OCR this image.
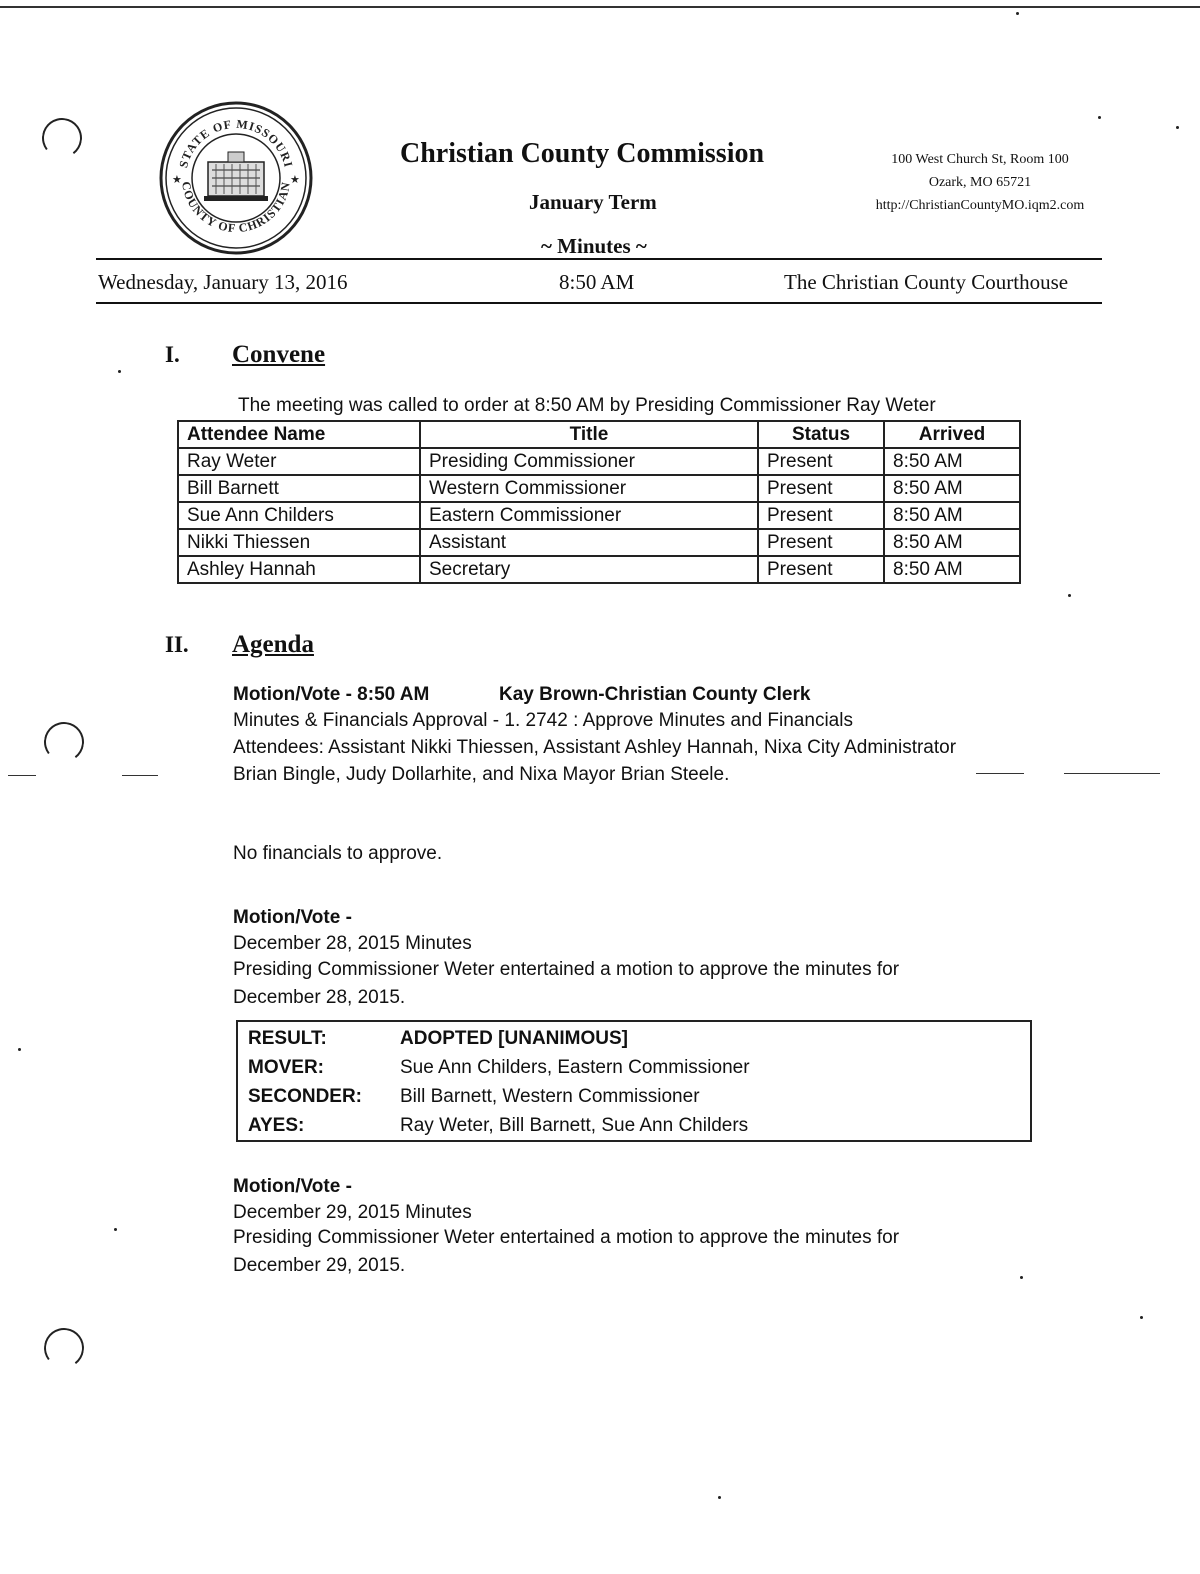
STATE OF MISSOURI
COUNTY OF CHRISTIAN
★	★
Christian County Commission
January Term
~ Minutes ~
100 West Church St, Room 100
Ozark, MO 65721
http://ChristianCountyMO.iqm2.com
Wednesday, January 13, 2016	8:50 AM	The Christian County Courthouse
I. Convene
The meeting was called to order at 8:50 AM by Presiding Commissioner Ray Weter
Attendee Name	Title	Status	Arrived
Ray Weter	Presiding Commissioner	Present	8:50 AM
Bill Barnett	Western Commissioner	Present	8:50 AM
Sue Ann Childers	Eastern Commissioner	Present	8:50 AM
Nikki Thiessen	Assistant	Present	8:50 AM
Ashley Hannah	Secretary	Present	8:50 AM
II. Agenda
Motion/Vote - 8:50 AM	Kay Brown-Christian County Clerk
Minutes & Financials Approval - 1. 2742 : Approve Minutes and Financials
Attendees: Assistant Nikki Thiessen, Assistant Ashley Hannah, Nixa City Administrator
Brian Bingle, Judy Dollarhite, and Nixa Mayor Brian Steele.
No financials to approve.
Motion/Vote -
December 28, 2015 Minutes
Presiding Commissioner Weter entertained a motion to approve the minutes for
December 28, 2015.
RESULT:	ADOPTED [UNANIMOUS]
MOVER:	Sue Ann Childers, Eastern Commissioner
SECONDER: Bill Barnett, Western Commissioner
AYES:	Ray Weter, Bill Barnett, Sue Ann Childers
Motion/Vote -
December 29, 2015 Minutes
Presiding Commissioner Weter entertained a motion to approve the minutes for
December 29, 2015.
